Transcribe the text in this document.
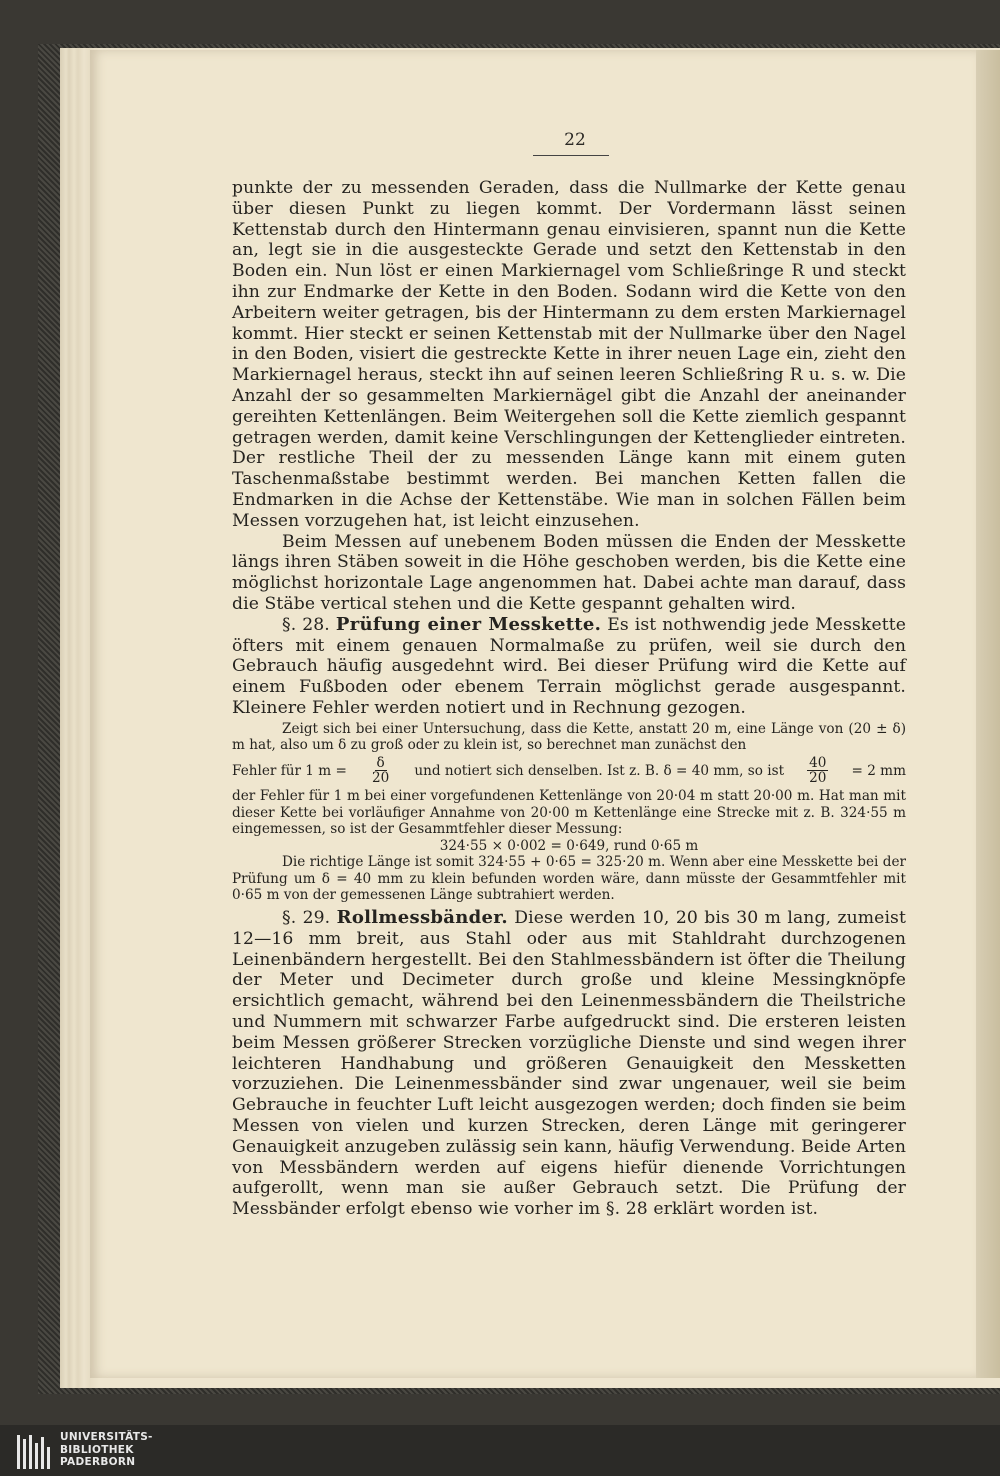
22

punkte der zu messenden Geraden, dass die Nullmarke der Kette genau über diesen Punkt zu liegen kommt. Der Vordermann lässt seinen Kettenstab durch den Hintermann genau einvisieren, spannt nun die Kette an, legt sie in die ausgesteckte Gerade und setzt den Kettenstab in den Boden ein. Nun löst er einen Markiernagel vom Schließringe R und steckt ihn zur Endmarke der Kette in den Boden. Sodann wird die Kette von den Arbeitern weiter getragen, bis der Hintermann zu dem ersten Markiernagel kommt. Hier steckt er seinen Kettenstab mit der Nullmarke über den Nagel in den Boden, visiert die gestreckte Kette in ihrer neuen Lage ein, zieht den Markiernagel heraus, steckt ihn auf seinen leeren Schließring R u. s. w. Die Anzahl der so gesammelten Markiernägel gibt die Anzahl der aneinander gereihten Kettenlängen. Beim Weitergehen soll die Kette ziemlich gespannt getragen werden, damit keine Verschlingungen der Kettenglieder eintreten. Der restliche Theil der zu messenden Länge kann mit einem guten Taschenmaßstabe bestimmt werden. Bei manchen Ketten fallen die Endmarken in die Achse der Kettenstäbe. Wie man in solchen Fällen beim Messen vorzugehen hat, ist leicht einzusehen.

Beim Messen auf unebenem Boden müssen die Enden der Messkette längs ihren Stäben soweit in die Höhe geschoben werden, bis die Kette eine möglichst horizontale Lage angenommen hat. Dabei achte man darauf, dass die Stäbe vertical stehen und die Kette gespannt gehalten wird.

§. 28. Prüfung einer Messkette. Es ist nothwendig jede Messkette öfters mit einem genauen Normalmaße zu prüfen, weil sie durch den Gebrauch häufig ausgedehnt wird. Bei dieser Prüfung wird die Kette auf einem Fußboden oder ebenem Terrain möglichst gerade ausgespannt. Kleinere Fehler werden notiert und in Rechnung gezogen.

Zeigt sich bei einer Untersuchung, dass die Kette, anstatt 20 m, eine Länge von (20 ± δ) m hat, also um δ zu groß oder zu klein ist, so berechnet man zunächst den

Fehler für 1 $m = \frac{\delta}{20}$ und notiert sich denselben. Ist z. B. δ = 40 mm, so ist $\frac{40}{20} = 2$ mm

der Fehler für 1 m bei einer vorgefundenen Kettenlänge von 20·04 m statt 20·00 m. Hat man mit dieser Kette bei vorläufiger Annahme von 20·00 m Kettenlänge eine Strecke mit z. B. 324·55 m eingemessen, so ist der Gesammtfehler dieser Messung:

324·55 × 0·002 = 0·649, rund 0·65 m

Die richtige Länge ist somit 324·55 + 0·65 = 325·20 m. Wenn aber eine Messkette bei der Prüfung um δ = 40 mm zu klein befunden worden wäre, dann müsste der Gesammtfehler mit 0·65 m von der gemessenen Länge subtrahiert werden.

§. 29. Rollmessbänder. Diese werden 10, 20 bis 30 m lang, zumeist 12—16 mm breit, aus Stahl oder aus mit Stahldraht durchzogenen Leinenbändern hergestellt. Bei den Stahlmessbändern ist öfter die Theilung der Meter und Decimeter durch große und kleine Messingknöpfe ersichtlich gemacht, während bei den Leinenmessbändern die Theilstriche und Nummern mit schwarzer Farbe aufgedruckt sind. Die ersteren leisten beim Messen größerer Strecken vorzügliche Dienste und sind wegen ihrer leichteren Handhabung und größeren Genauigkeit den Messketten vorzuziehen. Die Leinenmessbänder sind zwar ungenauer, weil sie beim Gebrauche in feuchter Luft leicht ausgezogen werden; doch finden sie beim Messen von vielen und kurzen Strecken, deren Länge mit geringerer Genauigkeit anzugeben zulässig sein kann, häufig Verwendung. Beide Arten von Messbändern werden auf eigens hiefür dienende Vorrichtungen aufgerollt, wenn man sie außer Gebrauch setzt. Die Prüfung der Messbänder erfolgt ebenso wie vorher im §. 28 erklärt worden ist.

UNIVERSITÄTS-
BIBLIOTHEK
PADERBORN
